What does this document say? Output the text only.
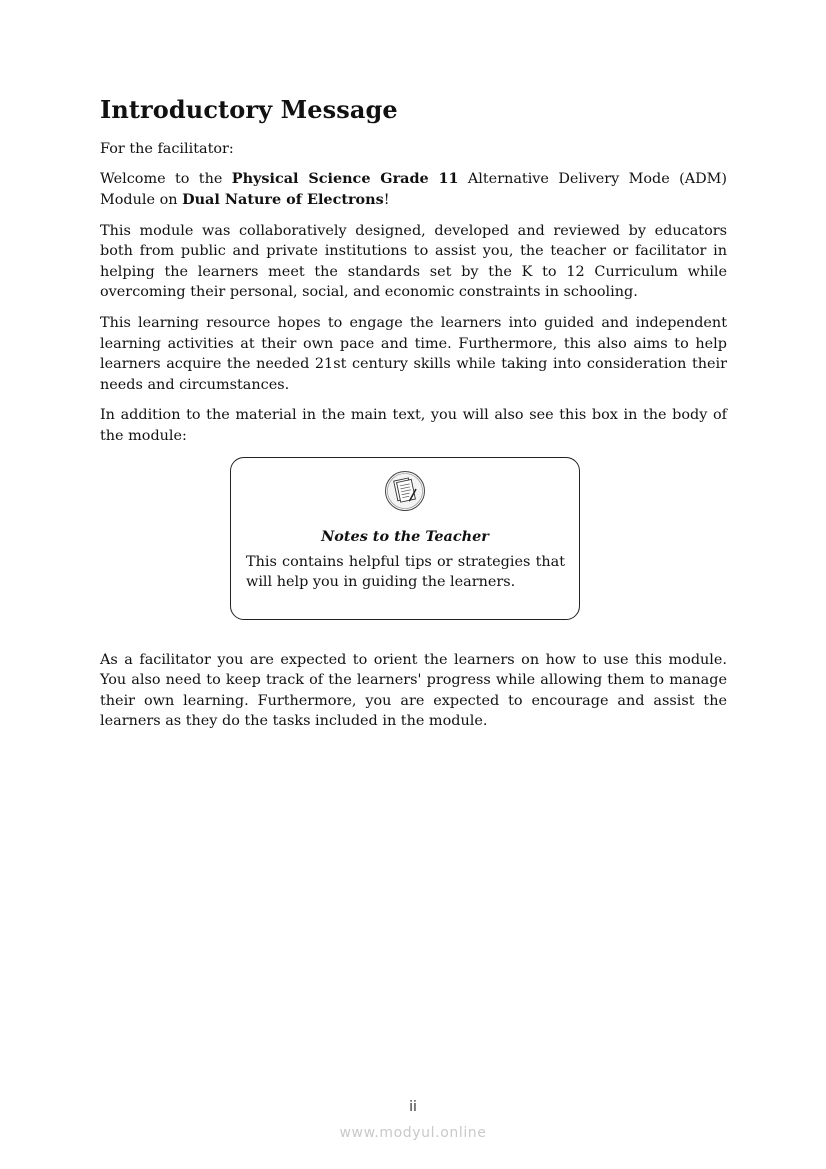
Introductory Message

For the facilitator:

Welcome to the Physical Science Grade 11 Alternative Delivery Mode (ADM) Module on Dual Nature of Electrons!

This module was collaboratively designed, developed and reviewed by educators both from public and private institutions to assist you, the teacher or facilitator in helping the learners meet the standards set by the K to 12 Curriculum while overcoming their personal, social, and economic constraints in schooling.

This learning resource hopes to engage the learners into guided and independent learning activities at their own pace and time. Furthermore, this also aims to help learners acquire the needed 21st century skills while taking into consideration their needs and circumstances.

In addition to the material in the main text, you will also see this box in the body of the module:

Notes to the Teacher
This contains helpful tips or strategies that will help you in guiding the learners.

As a facilitator you are expected to orient the learners on how to use this module. You also need to keep track of the learners' progress while allowing them to manage their own learning. Furthermore, you are expected to encourage and assist the learners as they do the tasks included in the module.

ii
www.modyul.online
